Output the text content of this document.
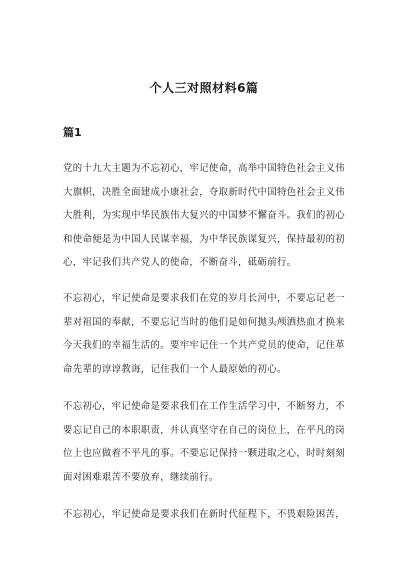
个人三对照材料6篇
篇1

党的十九大主题为不忘初心，牢记使命，高举中国特色社会主义伟
大旗帜，决胜全面建成小康社会，夺取新时代中国特色社会主义伟
大胜利，为实现中华民族伟大复兴的中国梦不懈奋斗。我们的初心
和使命便是为中国人民谋幸福，为中华民族谋复兴，保持最初的初
心，牢记我们共产党人的使命，不断奋斗，砥砺前行。

不忘初心，牢记使命是要求我们在党的岁月长河中，不要忘记老一
辈对祖国的奉献，不要忘记当时的他们是如何抛头颅洒热血才换来
今天我们的幸福生活的。要牢牢记住一个共产党员的使命，记住革
命先辈的谆谆教诲，记住我们一个人最原始的初心。

不忘初心，牢记使命是要求我们在工作生活学习中，不断努力，不
要忘记自己的本职职责，并认真坚守在自己的岗位上，在平凡的岗
位上也应做着不平凡的事。不要忘记保持一颗进取之心，时时刻刻
面对困难艰苦不要放弃，继续前行。

不忘初心，牢记使命是要求我们在新时代征程下，不畏艰险困苦，
